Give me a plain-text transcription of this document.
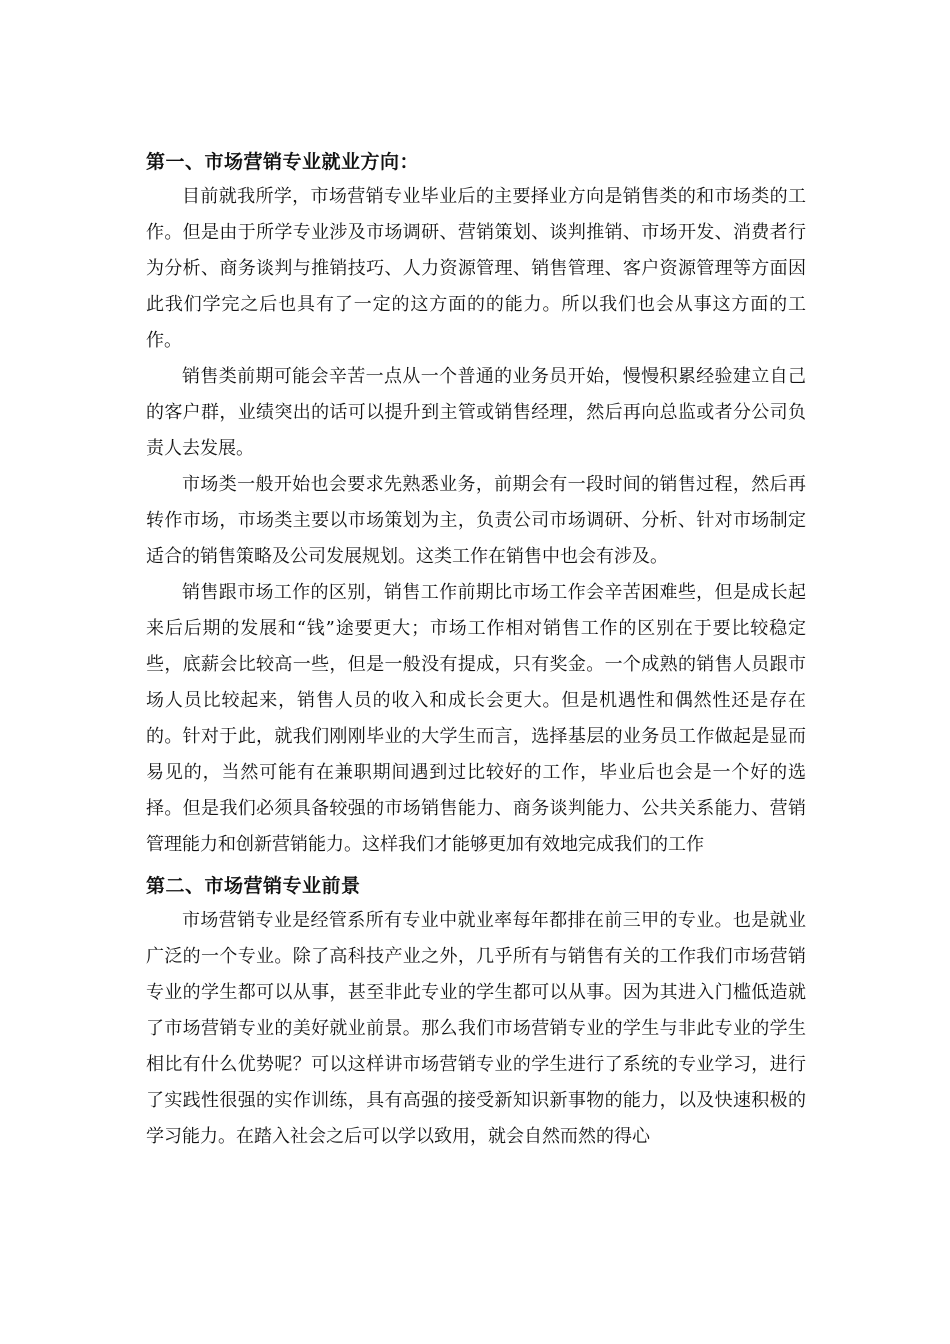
第一、市场营销专业就业方向：

目前就我所学，市场营销专业毕业后的主要择业方向是销售类的和市场类的工作。但是由于所学专业涉及市场调研、营销策划、谈判推销、市场开发、消费者行为分析、商务谈判与推销技巧、人力资源管理、销售管理、客户资源管理等方面因此我们学完之后也具有了一定的这方面的的能力。所以我们也会从事这方面的工作。

销售类前期可能会辛苦一点从一个普通的业务员开始，慢慢积累经验建立自己的客户群，业绩突出的话可以提升到主管或销售经理，然后再向总监或者分公司负责人去发展。

市场类一般开始也会要求先熟悉业务，前期会有一段时间的销售过程，然后再转作市场，市场类主要以市场策划为主，负责公司市场调研、分析、针对市场制定适合的销售策略及公司发展规划。这类工作在销售中也会有涉及。

销售跟市场工作的区别，销售工作前期比市场工作会辛苦困难些，但是成长起来后后期的发展和“钱”途要更大；市场工作相对销售工作的区别在于要比较稳定些，底薪会比较高一些，但是一般没有提成，只有奖金。一个成熟的销售人员跟市场人员比较起来，销售人员的收入和成长会更大。但是机遇性和偶然性还是存在的。针对于此，就我们刚刚毕业的大学生而言，选择基层的业务员工作做起是显而易见的，当然可能有在兼职期间遇到过比较好的工作，毕业后也会是一个好的选择。但是我们必须具备较强的市场销售能力、商务谈判能力、公共关系能力、营销管理能力和创新营销能力。这样我们才能够更加有效地完成我们的工作

第二、市场营销专业前景

市场营销专业是经管系所有专业中就业率每年都排在前三甲的专业。也是就业广泛的一个专业。除了高科技产业之外，几乎所有与销售有关的工作我们市场营销专业的学生都可以从事，甚至非此专业的学生都可以从事。因为其进入门槛低造就了市场营销专业的美好就业前景。那么我们市场营销专业的学生与非此专业的学生相比有什么优势呢？可以这样讲市场营销专业的学生进行了系统的专业学习，进行了实践性很强的实作训练，具有高强的接受新知识新事物的能力，以及快速积极的学习能力。在踏入社会之后可以学以致用，就会自然而然的得心
